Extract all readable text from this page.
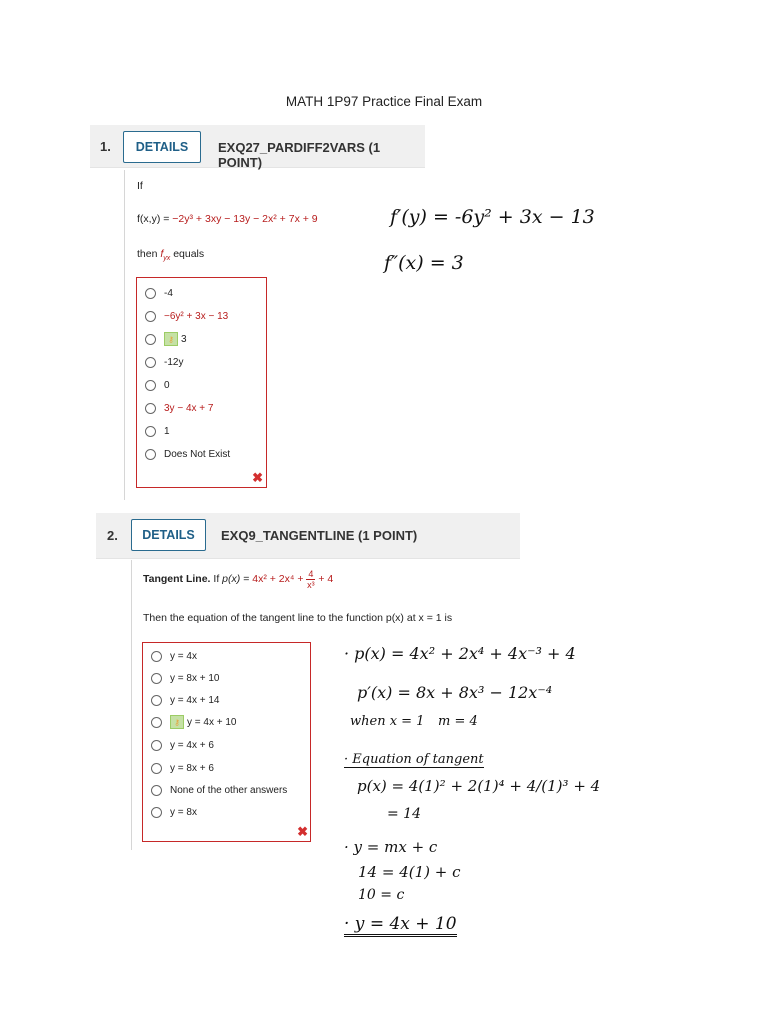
MATH 1P97 Practice Final Exam
1.	DETAILS	EXQ27_PARDIFF2VARS (1 POINT)
If
f(x,y) = −2y³ + 3xy − 13y − 2x² + 7x + 9
then $f_{yx}$ equals
-4
−6y² + 3x − 13
⚷ 3
-12y
0
3y − 4x + 7
1
Does Not Exist
✖
f′(y) = -6y² + 3x − 13
f″(x) = 3
2.	DETAILS	EXQ9_TANGENTLINE (1 POINT)
Tangent Line.
If
p(x)
=
4x² + 2x⁴ +
$\frac{4}{\text{x³}}$
+ 4
Then the equation of the tangent line to the function p(x) at x = 1 is
y = 4x
y = 8x + 10
y = 4x + 14
⚷ y = 4x + 10
y = 4x + 6
y = 8x + 6
None of the other answers
y = 8x
✖
· p(x) = 4x² + 2x⁴ + 4x⁻³ + 4
p′(x) = 8x + 8x³ − 12x⁻⁴
when x = 1 m = 4
· Equation of tangent
p(x) = 4(1)² + 2(1)⁴ + 4/(1)³ + 4
= 14
· y = mx + c
14 = 4(1) + c
10 = c
· y = 4x + 10
